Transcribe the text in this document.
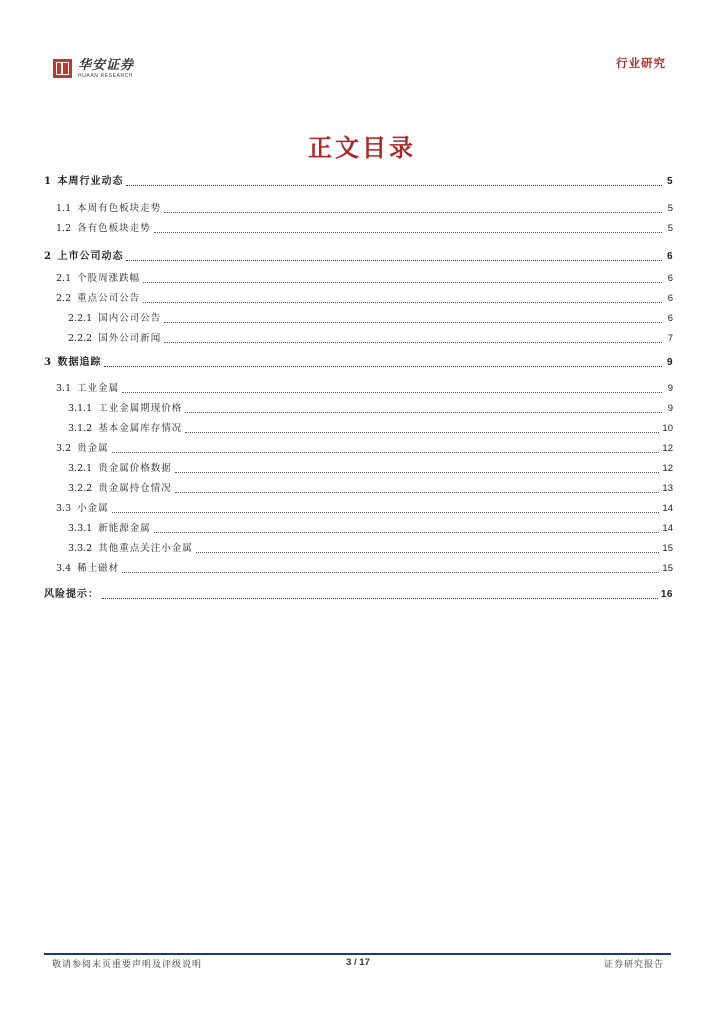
华安证券
HUAAN RESEARCH
行业研究
正文目录
1 本周行业动态	5
1.1 本周有色板块走势	5
1.2 各有色板块走势	5
2 上市公司动态	6
2.1 个股周涨跌幅	6
2.2 重点公司公告	6
2.2.1 国内公司公告	6
2.2.2 国外公司新闻	7
3 数据追踪	9
3.1 工业金属	9
3.1.1 工业金属期现价格	9
3.1.2 基本金属库存情况	10
3.2 贵金属	12
3.2.1 贵金属价格数据	12
3.2.2 贵金属持仓情况	13
3.3 小金属	14
3.3.1 新能源金属	14
3.3.2 其他重点关注小金属	15
3.4 稀土磁材	15
风险提示：	16
敬请参阅末页重要声明及评级说明	3 / 17	证券研究报告
